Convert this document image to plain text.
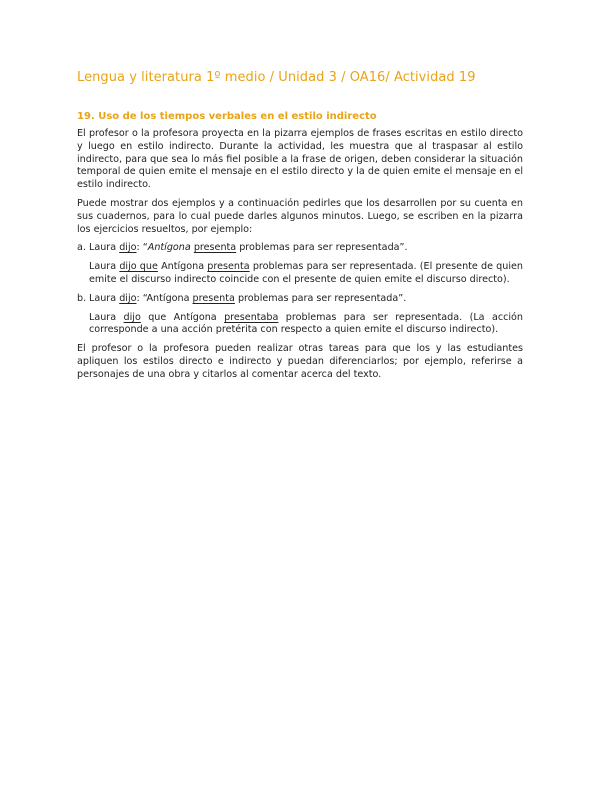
Lengua y literatura 1º medio / Unidad 3 / OA16/ Actividad 19
19. Uso de los tiempos verbales en el estilo indirecto

El profesor o la profesora proyecta en la pizarra ejemplos de frases escritas en estilo directo y luego en estilo indirecto. Durante la actividad, les muestra que al traspasar al estilo indirecto, para que sea lo más fiel posible a la frase de origen, deben considerar la situación temporal de quien emite el mensaje en el estilo directo y la de quien emite el mensaje en el estilo indirecto.

Puede mostrar dos ejemplos y a continuación pedirles que los desarrollen por su cuenta en sus cuadernos, para lo cual puede darles algunos minutos. Luego, se escriben en la pizarra los ejercicios resueltos, por ejemplo:

a. Laura dijo: “Antígona presenta problemas para ser representada”.

Laura dijo que Antígona presenta problemas para ser representada. (El presente de quien emite el discurso indirecto coincide con el presente de quien emite el discurso directo).

b. Laura dijo: “Antígona presenta problemas para ser representada”.

Laura dijo que Antígona presentaba problemas para ser representada. (La acción corresponde a una acción pretérita con respecto a quien emite el discurso indirecto).

El profesor o la profesora pueden realizar otras tareas para que los y las estudiantes apliquen los estilos directo e indirecto y puedan diferenciarlos; por ejemplo, referirse a personajes de una obra y citarlos al comentar acerca del texto.
